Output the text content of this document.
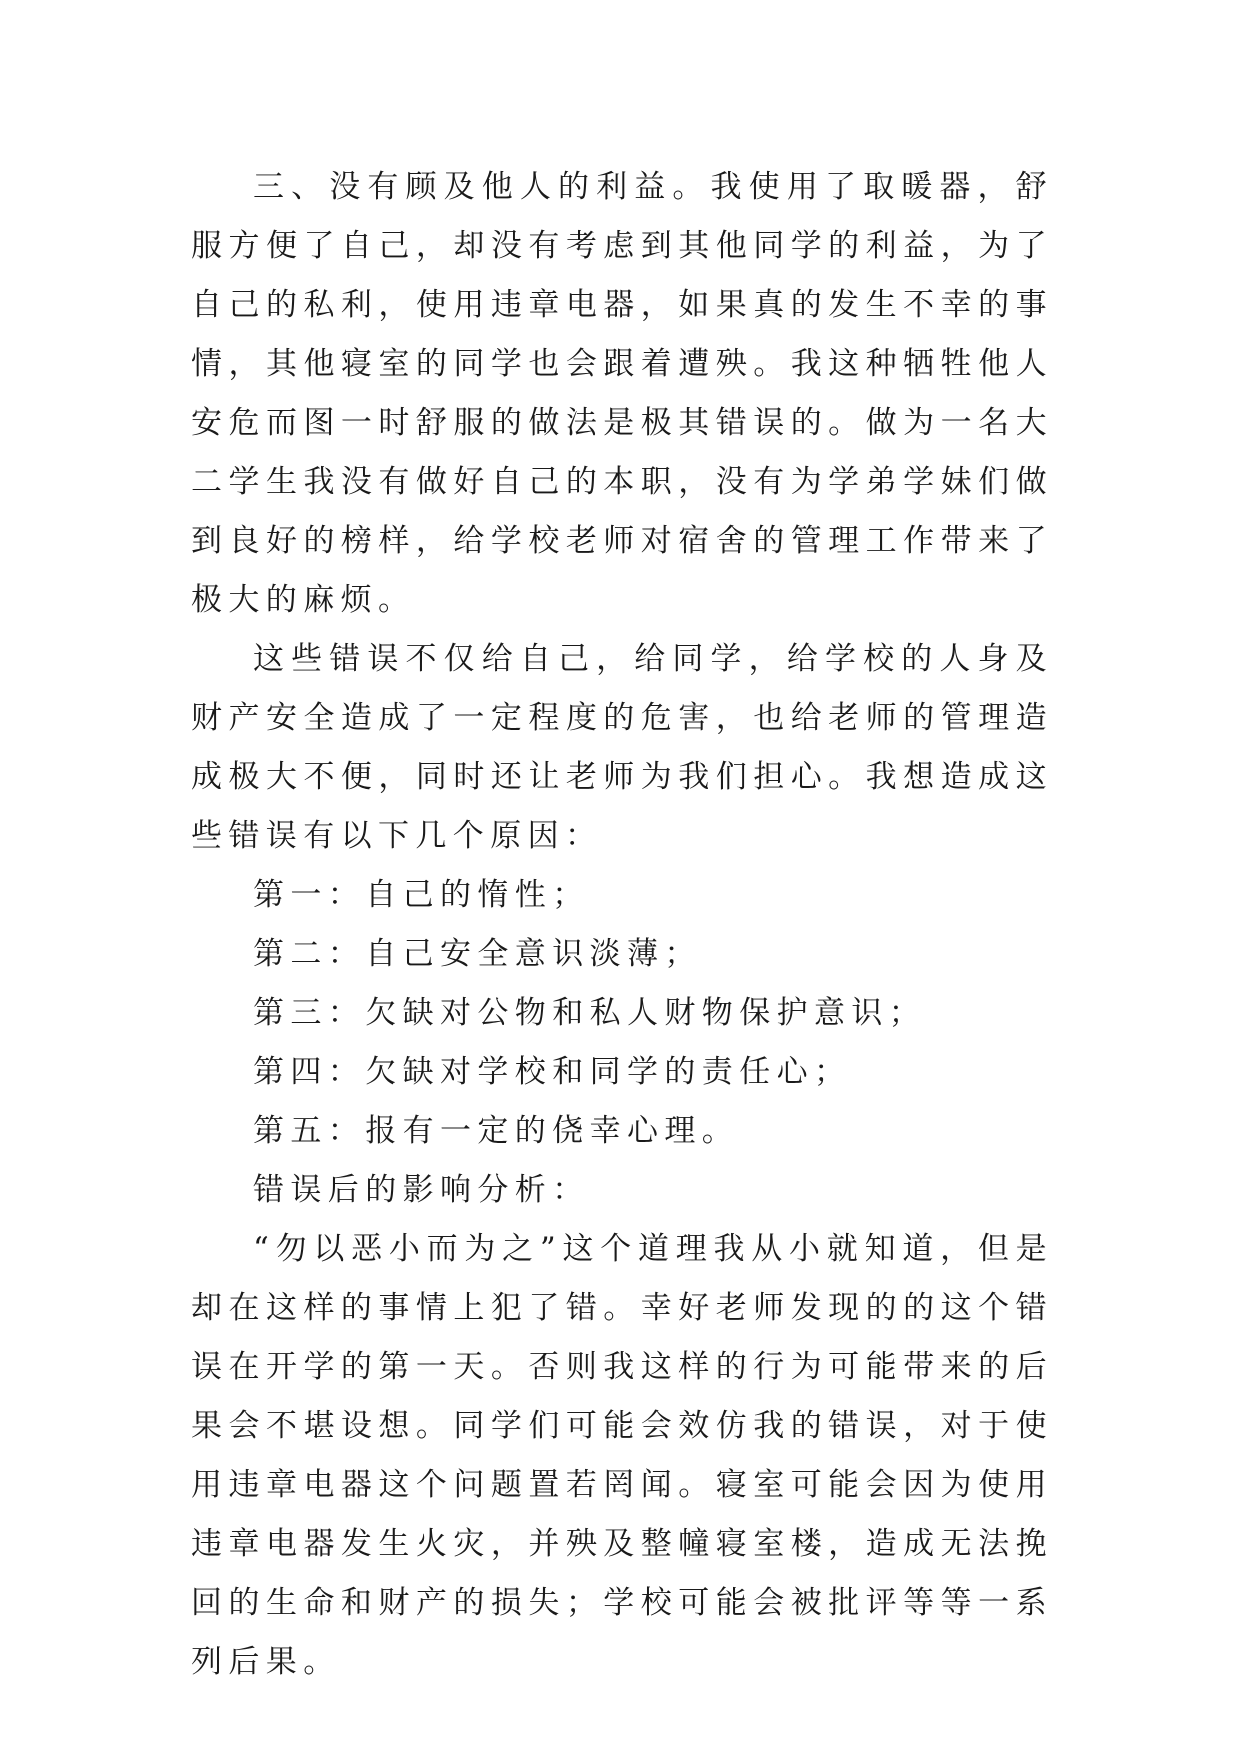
三、没有顾及他人的利益。我使用了取暖器，舒服方便了自己，却没有考虑到其他同学的利益，为了自己的私利，使用违章电器，如果真的发生不幸的事情，其他寝室的同学也会跟着遭殃。我这种牺牲他人安危而图一时舒服的做法是极其错误的。做为一名大二学生我没有做好自己的本职，没有为学弟学妹们做到良好的榜样，给学校老师对宿舍的管理工作带来了极大的麻烦。

这些错误不仅给自己，给同学，给学校的人身及财产安全造成了一定程度的危害，也给老师的管理造成极大不便，同时还让老师为我们担心。我想造成这些错误有以下几个原因：

第一：自己的惰性；

第二：自己安全意识淡薄；

第三：欠缺对公物和私人财物保护意识；

第四：欠缺对学校和同学的责任心；

第五：报有一定的侥幸心理。

错误后的影响分析：

“勿以恶小而为之”这个道理我从小就知道，但是却在这样的事情上犯了错。幸好老师发现的的这个错误在开学的第一天。否则我这样的行为可能带来的后果会不堪设想。同学们可能会效仿我的错误，对于使用违章电器这个问题置若罔闻。寝室可能会因为使用违章电器发生火灾，并殃及整幢寝室楼，造成无法挽回的生命和财产的损失；学校可能会被批评等等一系列后果。
